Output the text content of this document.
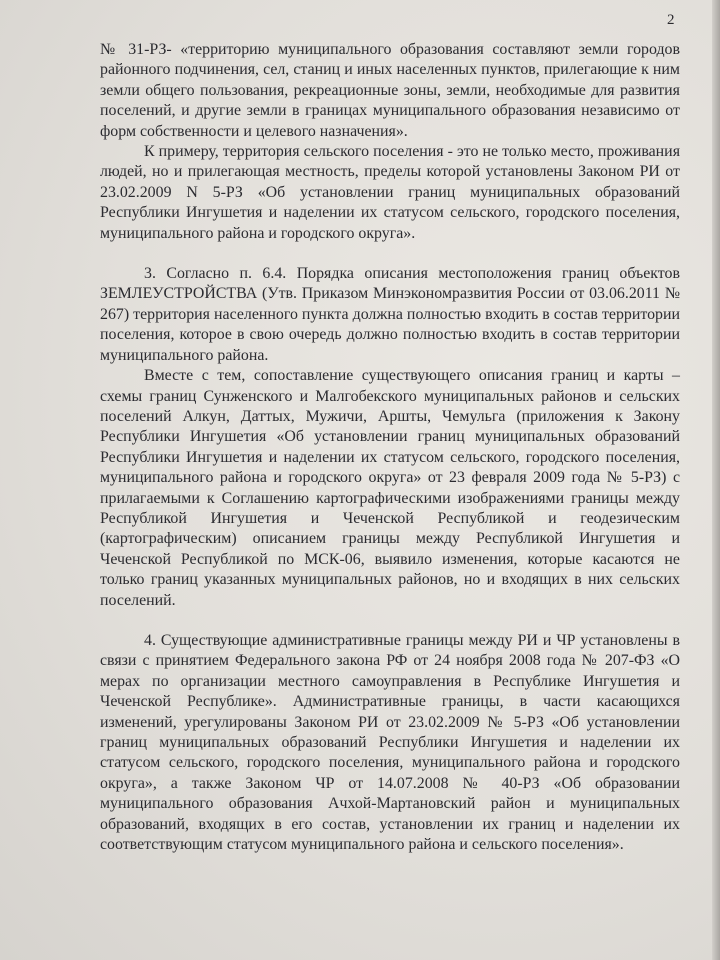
2

№ 31-РЗ- «территорию муниципального образования составляют земли городов районного подчинения, сел, станиц и иных населенных пунктов, прилегающие к ним земли общего пользования, рекреационные зоны, земли, необходимые для развития поселений, и другие земли в границах муниципального образования независимо от форм собственности и целевого назначения».

К примеру, территория сельского поселения - это не только место, проживания людей, но и прилегающая местность, пределы которой установлены Законом РИ от 23.02.2009 N 5-РЗ «Об установлении границ муниципальных образований Республики Ингушетия и наделении их статусом сельского, городского поселения, муниципального района и городского округа».

3. Согласно п. 6.4. Порядка описания местоположения границ объектов ЗЕМЛЕУСТРОЙСТВА (Утв. Приказом Минэкономразвития России от 03.06.2011 № 267) территория населенного пункта должна полностью входить в состав территории поселения, которое в свою очередь должно полностью входить в состав территории муниципального района.

Вместе с тем, сопоставление существующего описания границ и карты – схемы границ Сунженского и Малгобекского муниципальных районов и сельских поселений Алкун, Даттых, Мужичи, Аршты, Чемульга (приложения к Закону Республики Ингушетия «Об установлении границ муниципальных образований Республики Ингушетия и наделении их статусом сельского, городского поселения, муниципального района и городского округа» от 23 февраля 2009 года № 5-РЗ) с прилагаемыми к Соглашению картографическими изображениями границы между Республикой Ингушетия и Чеченской Республикой и геодезическим (картографическим) описанием границы между Республикой Ингушетия и Чеченской Республикой по МСК-06, выявило изменения, которые касаются не только границ указанных муниципальных районов, но и входящих в них сельских поселений.

4. Существующие административные границы между РИ и ЧР установлены в связи с принятием Федерального закона РФ от 24 ноября 2008 года № 207-ФЗ «О мерах по организации местного самоуправления в Республике Ингушетия и Чеченской Республике». Административные границы, в части касающихся изменений, урегулированы Законом РИ от 23.02.2009 № 5-РЗ «Об установлении границ муниципальных образований Республики Ингушетия и наделении их статусом сельского, городского поселения, муниципального района и городского округа», а также Законом ЧР от 14.07.2008 № 40-РЗ «Об образовании муниципального образования Ачхой-Мартановский район и муниципальных образований, входящих в его состав, установлении их границ и наделении их соответствующим статусом муниципального района и сельского поселения».
